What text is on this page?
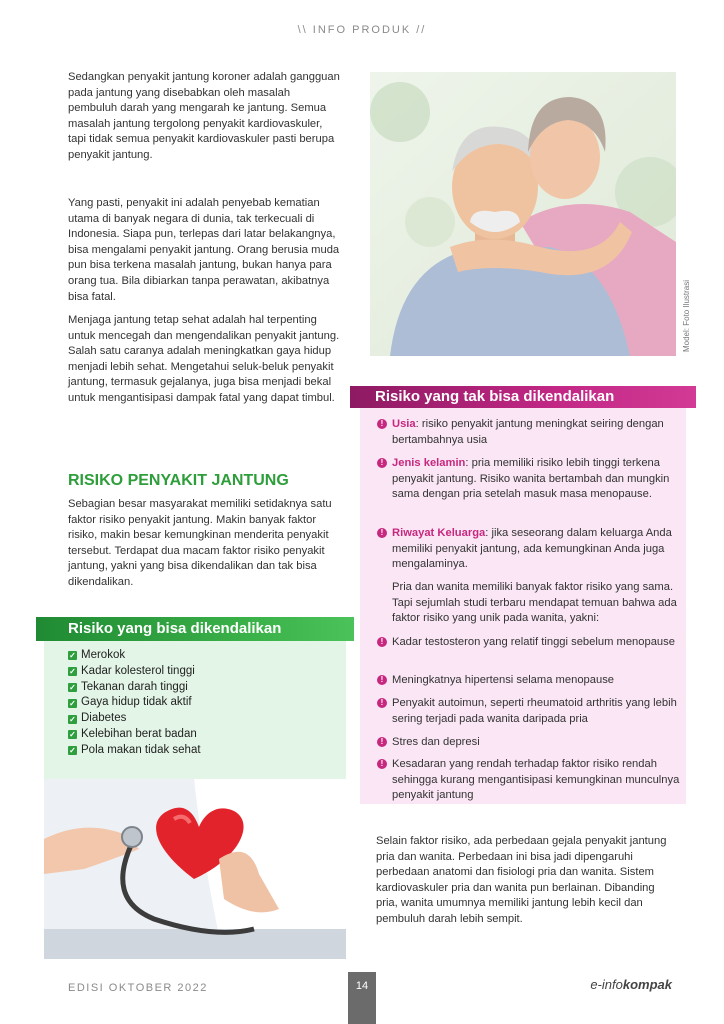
\\ INFO PRODUK //

Sedangkan penyakit jantung koroner adalah gangguan pada jantung yang disebabkan oleh masalah pembuluh darah yang mengarah ke jantung. Semua masalah jantung tergolong penyakit kardiovaskuler, tapi tidak semua penyakit kardiovaskuler pasti berupa penyakit jantung.

Yang pasti, penyakit ini adalah penyebab kematian utama di banyak negara di dunia, tak terkecuali di Indonesia. Siapa pun, terlepas dari latar belakangnya, bisa mengalami penyakit jantung. Orang berusia muda pun bisa terkena masalah jantung, bukan hanya para orang tua. Bila dibiarkan tanpa perawatan, akibatnya bisa fatal.

Menjaga jantung tetap sehat adalah hal terpenting untuk mencegah dan mengendalikan penyakit jantung. Salah satu caranya adalah meningkatkan gaya hidup menjadi lebih sehat. Mengetahui seluk-beluk penyakit jantung, termasuk gejalanya, juga bisa menjadi bekal untuk mengantisipasi dampak fatal yang dapat timbul.

RISIKO PENYAKIT JANTUNG

Sebagian besar masyarakat memiliki setidaknya satu faktor risiko penyakit jantung. Makin banyak faktor risiko, makin besar kemungkinan menderita penyakit tersebut. Terdapat dua macam faktor risiko penyakit jantung, yakni yang bisa dikendalikan dan tak bisa dikendalikan.

Risiko yang bisa dikendalikan
✓ Merokok
✓ Kadar kolesterol tinggi
✓ Tekanan darah tinggi
✓ Gaya hidup tidak aktif
✓ Diabetes
✓ Kelebihan berat badan
✓ Pola makan tidak sehat
Model: Foto Ilustrasi
Risiko yang tak bisa dikendalikan
! Usia: risiko penyakit jantung meningkat seiring dengan bertambahnya usia
! Jenis kelamin: pria memiliki risiko lebih tinggi terkena penyakit jantung. Risiko wanita bertambah dan mungkin sama dengan pria setelah masuk masa menopause.
! Riwayat Keluarga: jika seseorang dalam keluarga Anda memiliki penyakit jantung, ada kemungkinan Anda juga mengalaminya.
Pria dan wanita memiliki banyak faktor risiko yang sama. Tapi sejumlah studi terbaru mendapat temuan bahwa ada faktor risiko yang unik pada wanita, yakni:
! Kadar testosteron yang relatif tinggi sebelum menopause
! Meningkatnya hipertensi selama menopause
! Penyakit autoimun, seperti rheumatoid arthritis yang lebih sering terjadi pada wanita daripada pria
! Stres dan depresi
! Kesadaran yang rendah terhadap faktor risiko rendah sehingga kurang mengantisipasi kemungkinan munculnya penyakit jantung

Selain faktor risiko, ada perbedaan gejala penyakit jantung pria dan wanita. Perbedaan ini bisa jadi dipengaruhi perbedaan anatomi dan fisiologi pria dan wanita. Sistem kardiovaskuler pria dan wanita pun berlainan. Dibanding pria, wanita umumnya memiliki jantung lebih kecil dan pembuluh darah lebih sempit.

EDISI OKTOBER 2022	14	e-infokompak
